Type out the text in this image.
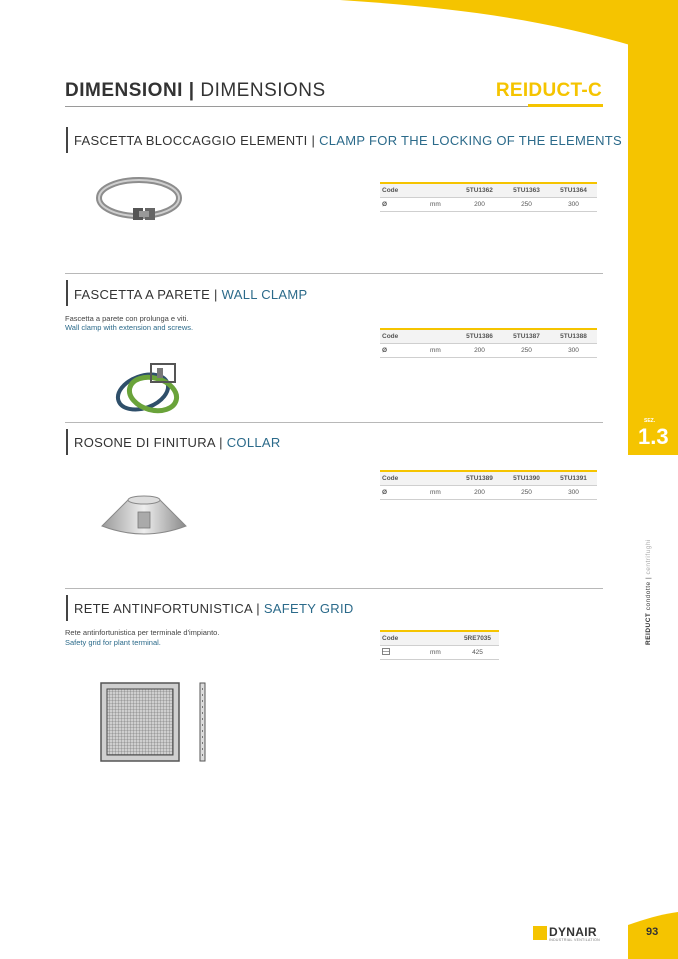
DIMENSIONI | DIMENSIONS	REIDUCT-C
FASCETTA BLOCCAGGIO ELEMENTI | CLAMP FOR THE LOCKING OF THE ELEMENTS
Code		5TU1362	5TU1363	5TU1364
Ø	mm	200	250	300
FASCETTA A PARETE | WALL CLAMP
Fascetta a parete con prolunga e viti.
Wall clamp with extension and screws.
Code		5TU1386	5TU1387	5TU1388
Ø	mm	200	250	300
ROSONE DI FINITURA | COLLAR
Code		5TU1389	5TU1390	5TU1391
Ø	mm	200	250	300
RETE ANTINFORTUNISTICA | SAFETY GRID
Rete antinfortunistica per terminale d'impianto.
Safety grid for plant terminal.	Code		5RE7035
	mm	425
SEZ.
1.3
REIDUCT condotte | centrifughi
DYNAIR
INDUSTRIAL VENTILATION
93
